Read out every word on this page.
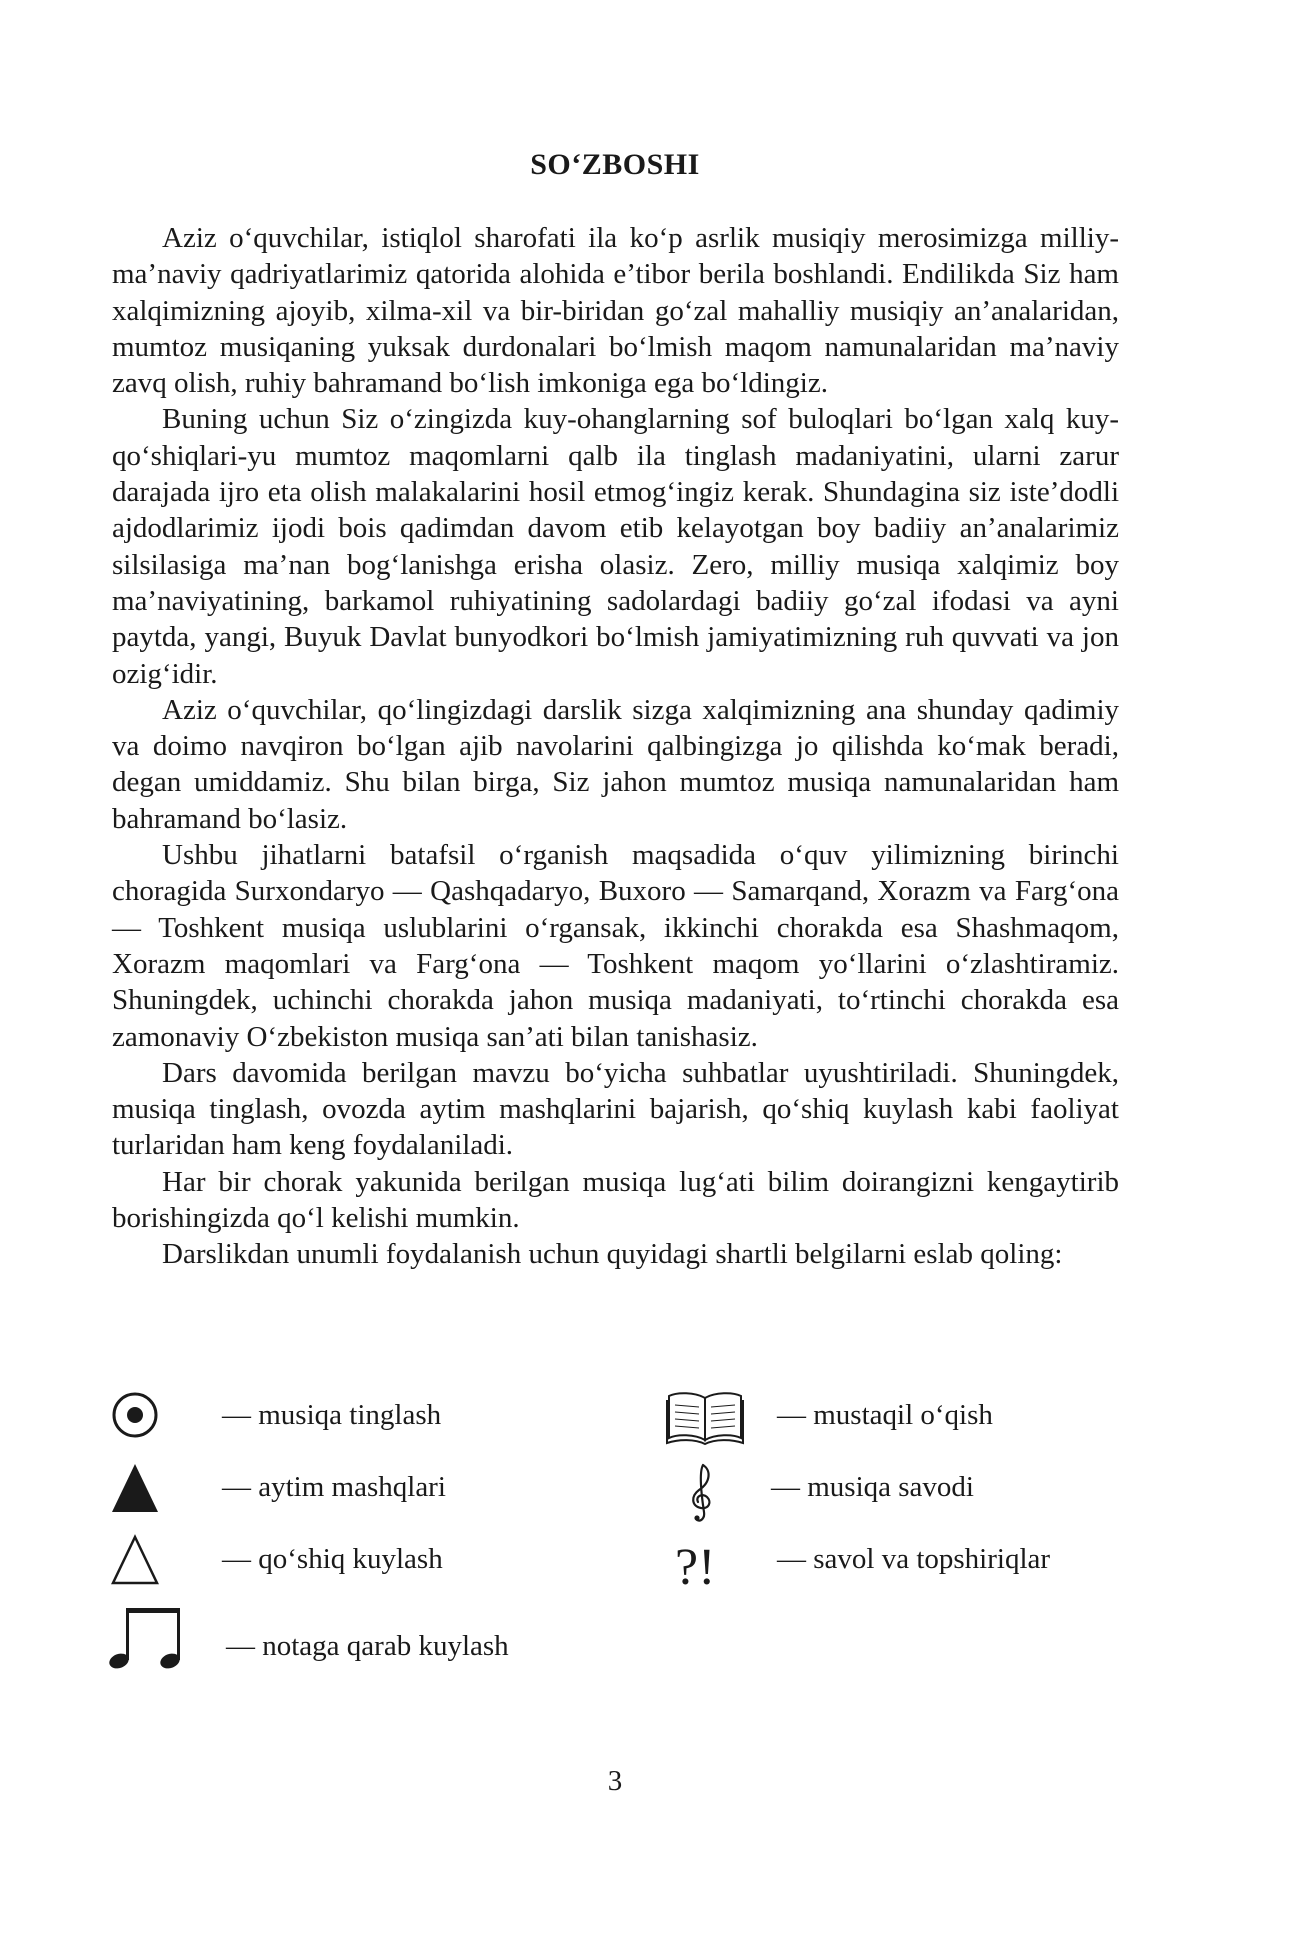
SO‘ZBOSHI

Aziz o‘quvchilar, istiqlol sharofati ila ko‘p asrlik musiqiy merosimizga milliy-ma’naviy qadriyatlarimiz qatorida alohida e’tibor berila boshlandi. Endilikda Siz ham xalqimizning ajoyib, xilma-xil va bir-biridan go‘zal mahalliy musiqiy an’analaridan, mumtoz musiqaning yuksak durdonalari bo‘lmish maqom namunalaridan ma’naviy zavq olish, ruhiy bahramand bo‘lish imkoniga ega bo‘ldingiz.

Buning uchun Siz o‘zingizda kuy-ohanglarning sof buloqlari bo‘lgan xalq kuy-qo‘shiqlari-yu mumtoz maqomlarni qalb ila tinglash madaniyatini, ularni zarur darajada ijro eta olish malakalarini hosil etmog‘ingiz kerak. Shundagina siz iste’dodli ajdodlarimiz ijodi bois qadimdan davom etib kelayotgan boy badiiy an’analarimiz silsilasiga ma’nan bog‘lanishga erisha olasiz. Zero, milliy musiqa xalqimiz boy ma’naviyatining, barkamol ruhiyatining sadolardagi badiiy go‘zal ifodasi va ayni paytda, yangi, Buyuk Davlat bunyodkori bo‘lmish jamiyatimizning ruh quvvati va jon ozig‘idir.

Aziz o‘quvchilar, qo‘lingizdagi darslik sizga xalqimizning ana shunday qadimiy va doimo navqiron bo‘lgan ajib navolarini qalbingizga jo qilishda ko‘mak beradi, degan umiddamiz. Shu bilan birga, Siz jahon mumtoz musiqa namunalaridan ham bahramand bo‘lasiz.

Ushbu jihatlarni batafsil o‘rganish maqsadida o‘quv yilimizning birinchi choragida Surxondaryo — Qashqadaryo, Buxoro — Samarqand, Xorazm va Farg‘ona — Toshkent musiqa uslublarini o‘rgansak, ikkinchi chorakda esa Shashmaqom, Xorazm maqomlari va Farg‘ona — Toshkent maqom yo‘llarini o‘zlashtiramiz. Shuningdek, uchinchi chorakda jahon musiqa madaniyati, to‘rtinchi chorakda esa zamonaviy O‘zbekiston musiqa san’ati bilan tanishasiz.

Dars davomida berilgan mavzu bo‘yicha suhbatlar uyushtiriladi. Shuningdek, musiqa tinglash, ovozda aytim mashqlarini bajarish, qo‘shiq kuylash kabi faoliyat turlaridan ham keng foydalaniladi.

Har bir chorak yakunida berilgan musiqa lug‘ati bilim doirangizni kengaytirib borishingizda qo‘l kelishi mumkin.

Darslikdan unumli foydalanish uchun quyidagi shartli belgilarni eslab qoling:

— musiqa tinglash
— aytim mashqlari
— qo‘shiq kuylash
— notaga qarab kuylash
— mustaqil o‘qish
— musiqa savodi
?! — savol va topshiriqlar
3
